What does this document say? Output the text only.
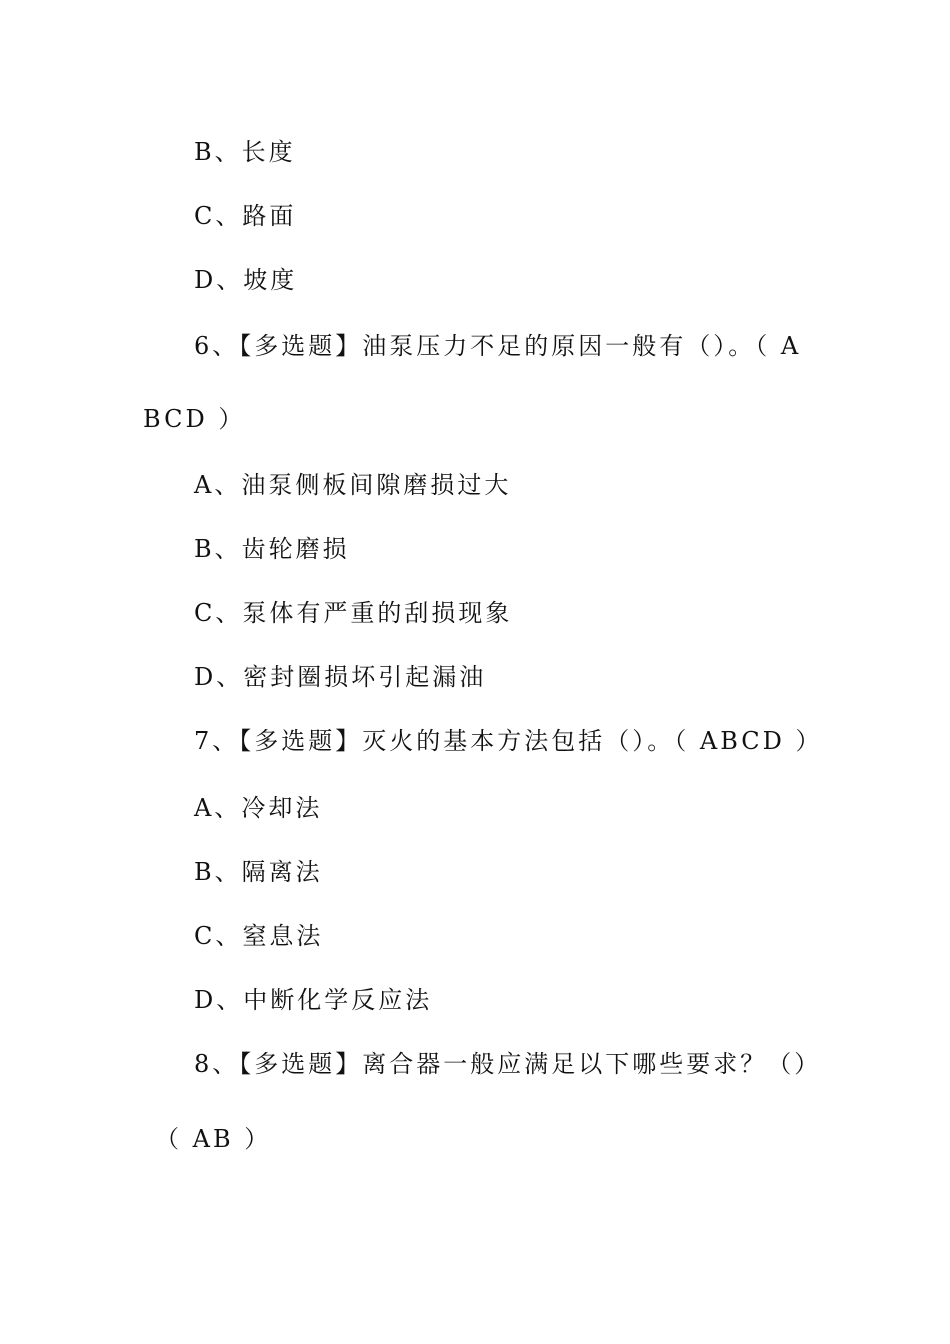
B、长度
C、路面
D、坡度
6、【多选题】油泵压力不足的原因一般有（）。（ A
BCD ）
A、油泵侧板间隙磨损过大
B、齿轮磨损
C、泵体有严重的刮损现象
D、密封圈损坏引起漏油
7、【多选题】灭火的基本方法包括（）。（ ABCD ）
A、冷却法
B、隔离法
C、窒息法
D、中断化学反应法
8、【多选题】离合器一般应满足以下哪些要求？（）
（ AB ）
